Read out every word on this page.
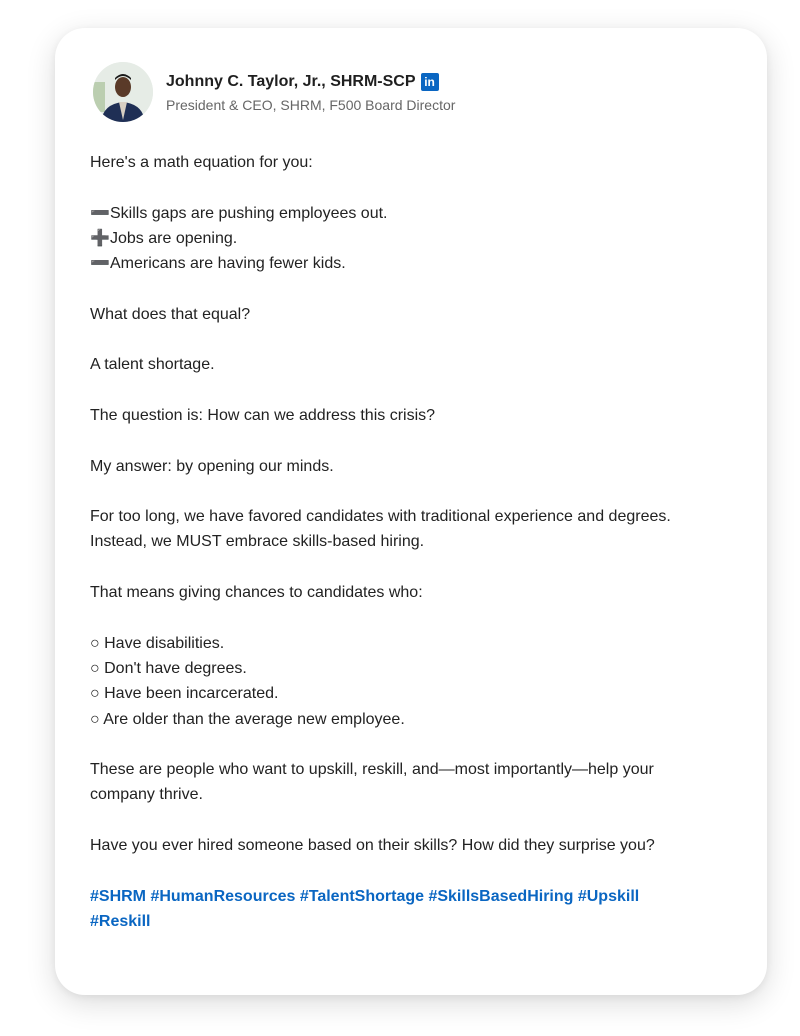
Johnny C. Taylor, Jr., SHRM-SCP in
President & CEO, SHRM, F500 Board Director

Here's a math equation for you:

➖Skills gaps are pushing employees out.
➕Jobs are opening.
➖Americans are having fewer kids.

What does that equal?

A talent shortage.

The question is: How can we address this crisis?

My answer: by opening our minds.

For too long, we have favored candidates with traditional experience and degrees. Instead, we MUST embrace skills-based hiring.

That means giving chances to candidates who:

○ Have disabilities.
○ Don't have degrees.
○ Have been incarcerated.
○ Are older than the average new employee.

These are people who want to upskill, reskill, and—most importantly—help your company thrive.

Have you ever hired someone based on their skills? How did they surprise you?

#SHRM #HumanResources #TalentShortage #SkillsBasedHiring #Upskill #Reskill
